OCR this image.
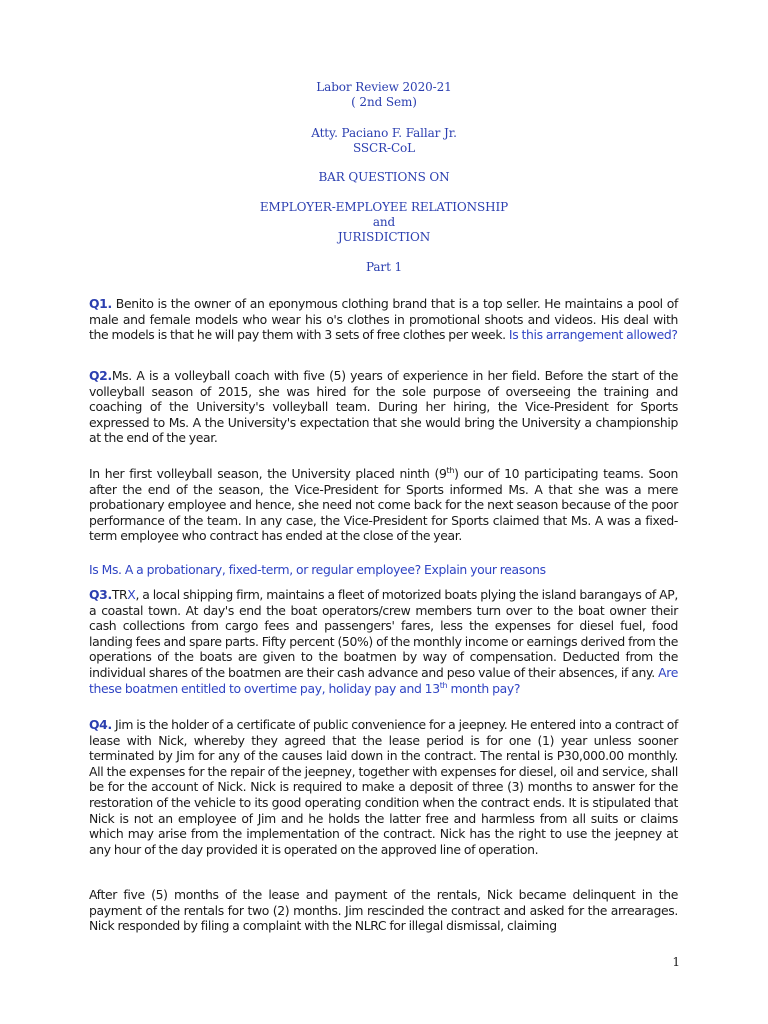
Labor Review 2020-21
( 2nd Sem)
Atty. Paciano F. Fallar Jr.
SSCR-CoL
BAR QUESTIONS ON
EMPLOYER-EMPLOYEE RELATIONSHIP
and
JURISDICTION
Part 1

Q1. Benito is the owner of an eponymous clothing brand that is a top seller. He maintains a pool of male and female models who wear his o's clothes in promotional shoots and videos. His deal with the models is that he will pay them with 3 sets of free clothes per week. Is this arrangement allowed?

Q2.Ms. A is a volleyball coach with five (5) years of experience in her field. Before the start of the volleyball season of 2015, she was hired for the sole purpose of overseeing the training and coaching of the University's volleyball team. During her hiring, the Vice-President for Sports expressed to Ms. A the University's expectation that she would bring the University a championship at the end of the year.

In her first volleyball season, the University placed ninth (9th) our of 10 participating teams. Soon after the end of the season, the Vice-President for Sports informed Ms. A that she was a mere probationary employee and hence, she need not come back for the next season because of the poor performance of the team. In any case, the Vice-President for Sports claimed that Ms. A was a fixed-term employee who contract has ended at the close of the year.

Is Ms. A a probationary, fixed-term, or regular employee? Explain your reasons

Q3.TRX, a local shipping firm, maintains a fleet of motorized boats plying the island barangays of AP, a coastal town. At day's end the boat operators/crew members turn over to the boat owner their cash collections from cargo fees and passengers' fares, less the expenses for diesel fuel, food landing fees and spare parts. Fifty percent (50%) of the monthly income or earnings derived from the operations of the boats are given to the boatmen by way of compensation. Deducted from the individual shares of the boatmen are their cash advance and peso value of their absences, if any. Are these boatmen entitled to overtime pay, holiday pay and 13th month pay?

Q4. Jim is the holder of a certificate of public convenience for a jeepney. He entered into a contract of lease with Nick, whereby they agreed that the lease period is for one (1) year unless sooner terminated by Jim for any of the causes laid down in the contract. The rental is P30,000.00 monthly. All the expenses for the repair of the jeepney, together with expenses for diesel, oil and service, shall be for the account of Nick. Nick is required to make a deposit of three (3) months to answer for the restoration of the vehicle to its good operating condition when the contract ends. It is stipulated that Nick is not an employee of Jim and he holds the latter free and harmless from all suits or claims which may arise from the implementation of the contract. Nick has the right to use the jeepney at any hour of the day provided it is operated on the approved line of operation.

After five (5) months of the lease and payment of the rentals, Nick became delinquent in the payment of the rentals for two (2) months. Jim rescinded the contract and asked for the arrearages. Nick responded by filing a complaint with the NLRC for illegal dismissal, claiming

1
